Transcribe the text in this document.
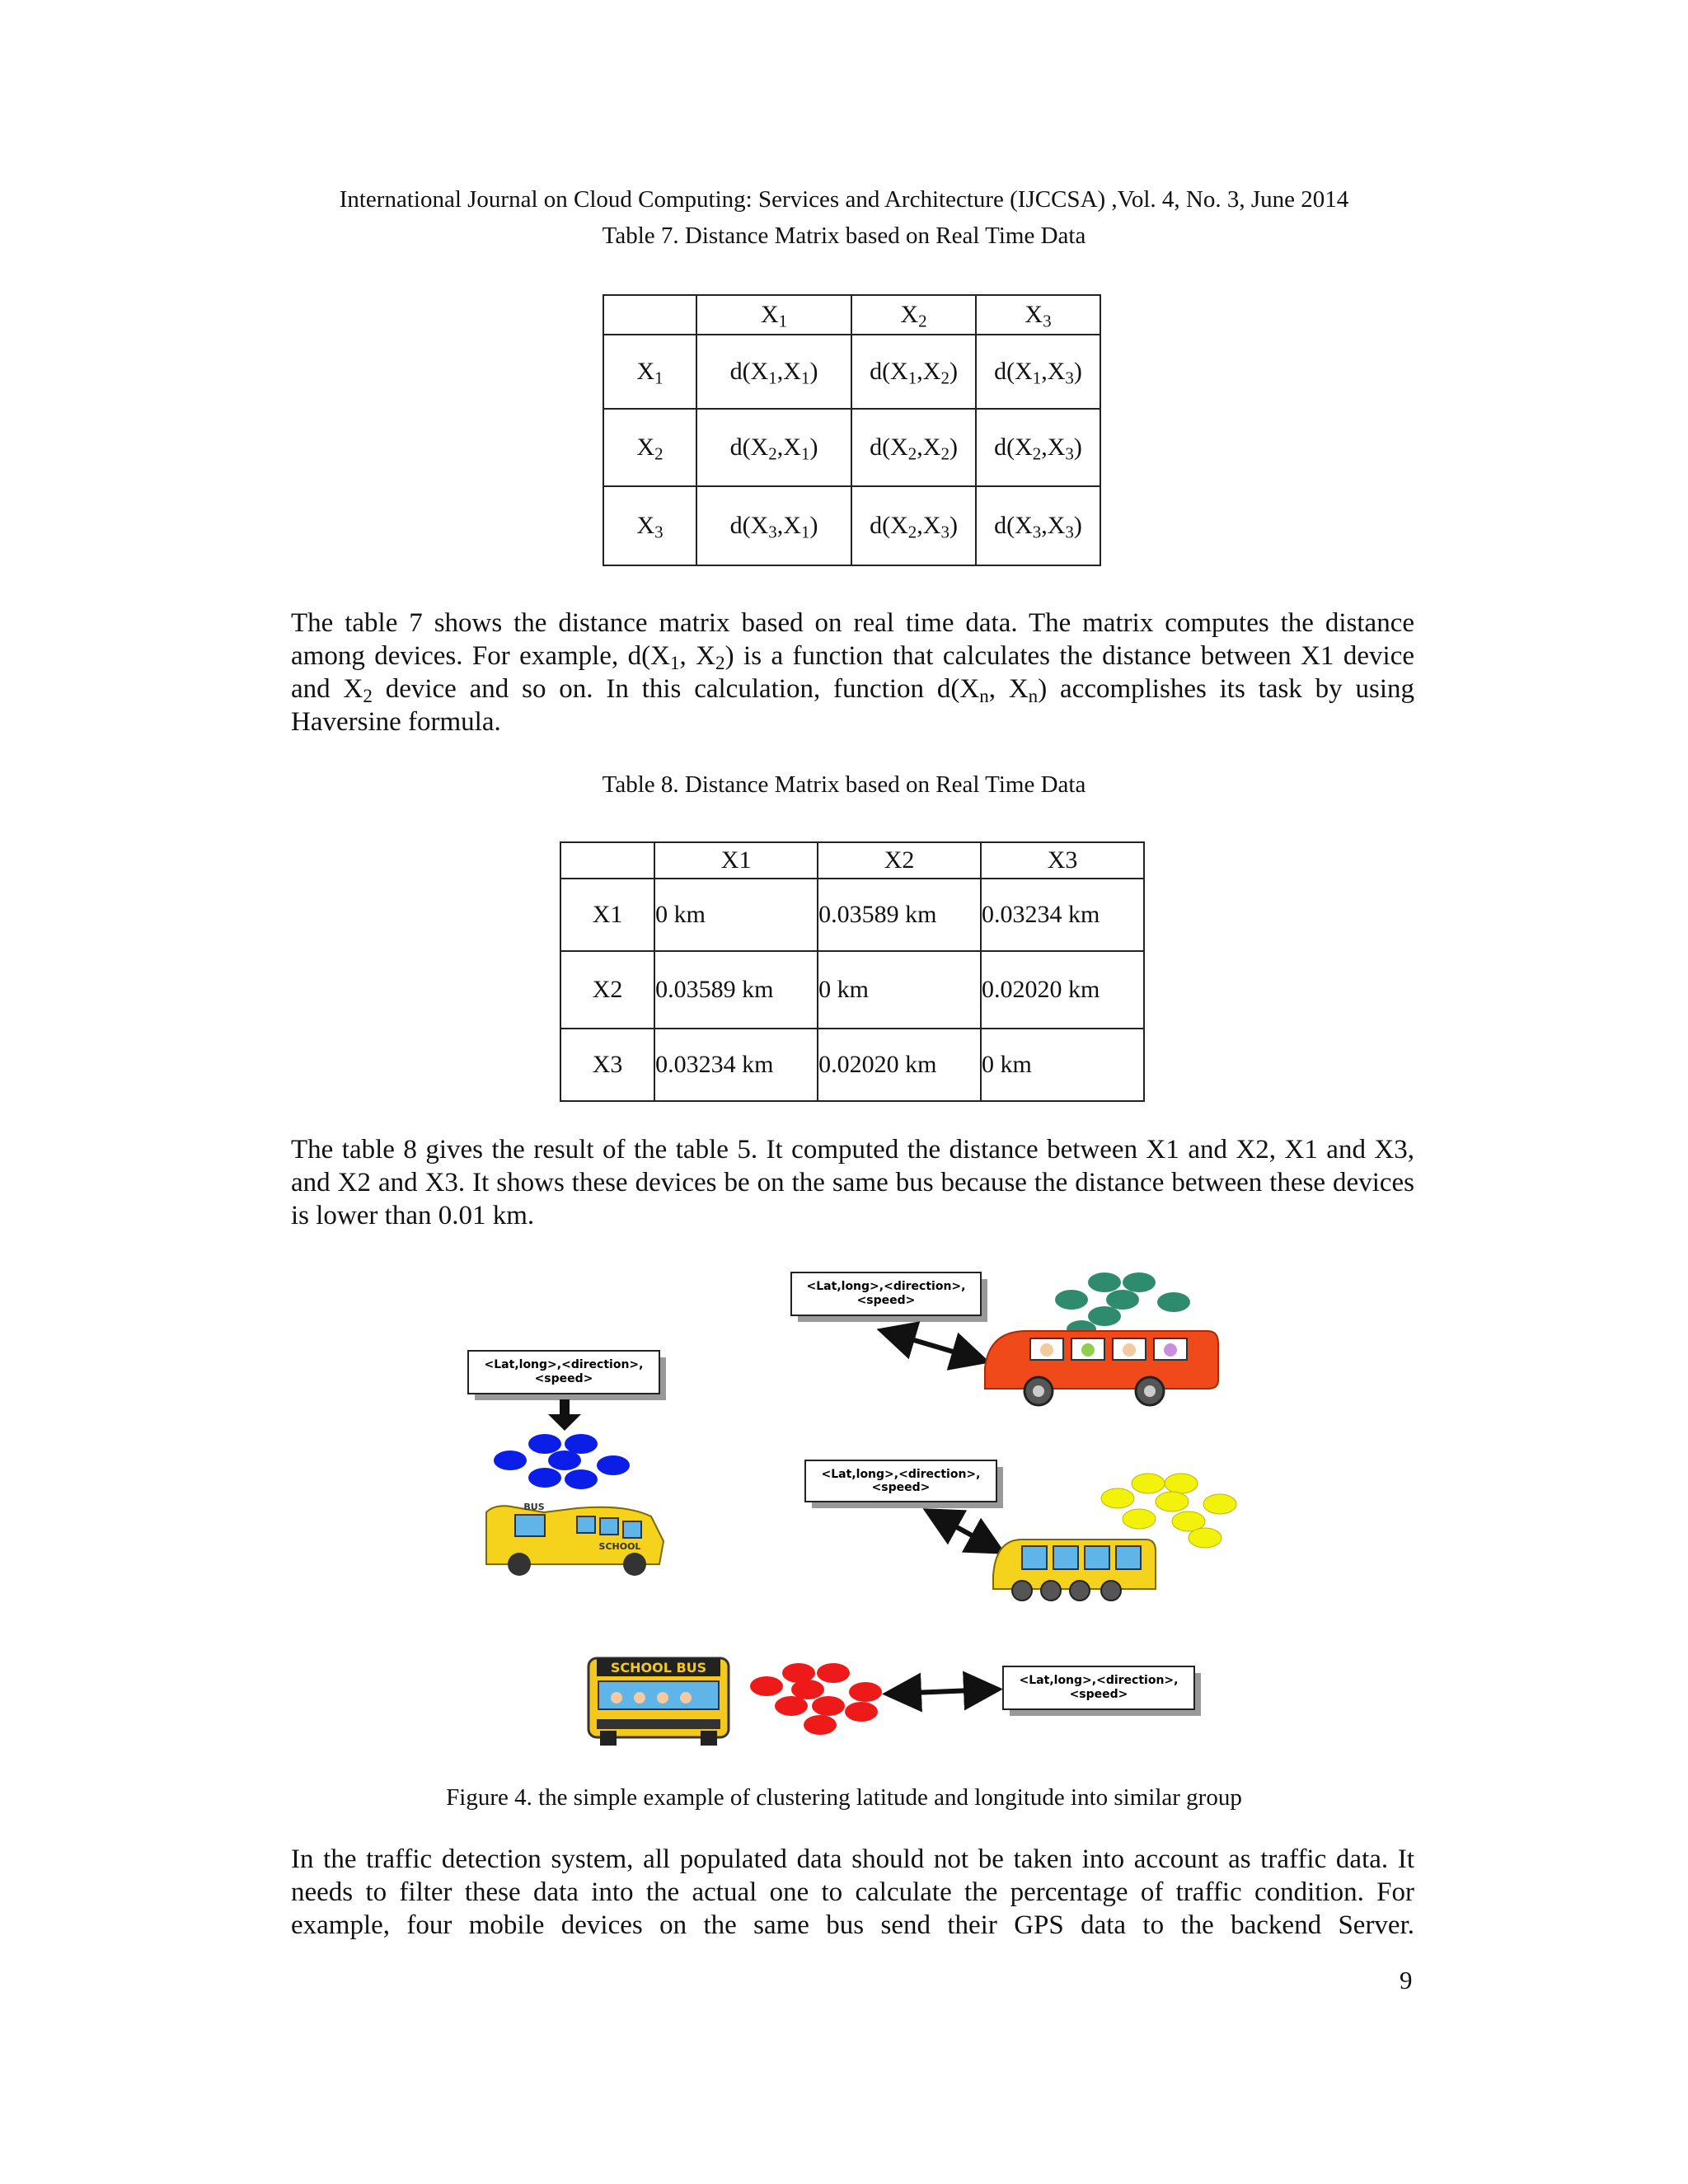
International Journal on Cloud Computing: Services and Architecture (IJCCSA) ,Vol. 4, No. 3, June 2014
Table 7. Distance Matrix based on Real Time Data
	$X_1$	$X_2$	$X_3$
$X_1$	$d(X_1,X_1)$	$d(X_1,X_2)$	$d(X_1,X_3)$
$X_2$	$d(X_2,X_1)$	$d(X_2,X_2)$	$d(X_2,X_3)$
$X_3$	$d(X_3,X_1)$	$d(X_2,X_3)$	$d(X_3,X_3)$
The table 7 shows the distance matrix based on real time data. The matrix computes the distance among devices. For example, $d(X_1$, $X_2$) is a function that calculates the distance between X1 device and $X_2$ device and so on. In this calculation, function $d(X_n$, $X_n$) accomplishes its task by using Haversine formula.
Table 8. Distance Matrix based on Real Time Data
	X1	X2	X3
X1	0 km	0.03589 km	0.03234 km
X2	0.03589 km	0 km	0.02020 km
X3	0.03234 km	0.02020 km	0 km
The table 8 gives the result of the table 5. It computed the distance between X1 and X2, X1 and X3, and X2 and X3. It shows these devices be on the same bus because the distance between these devices is lower than 0.01 km.
<Lat,long>,<direction>,
<speed>
<Lat,long>,<direction>,
<speed>
BUS
SCHOOL
<Lat,long>,<direction>,
<speed>
SCHOOL BUS
<Lat,long>,<direction>,
<speed>
Figure 4. the simple example of clustering latitude and longitude into similar group
In the traffic detection system, all populated data should not be taken into account as traffic data. It needs to filter these data into the actual one to calculate the percentage of traffic condition. For example, four mobile devices on the same bus send their GPS data to the backend Server.
9
